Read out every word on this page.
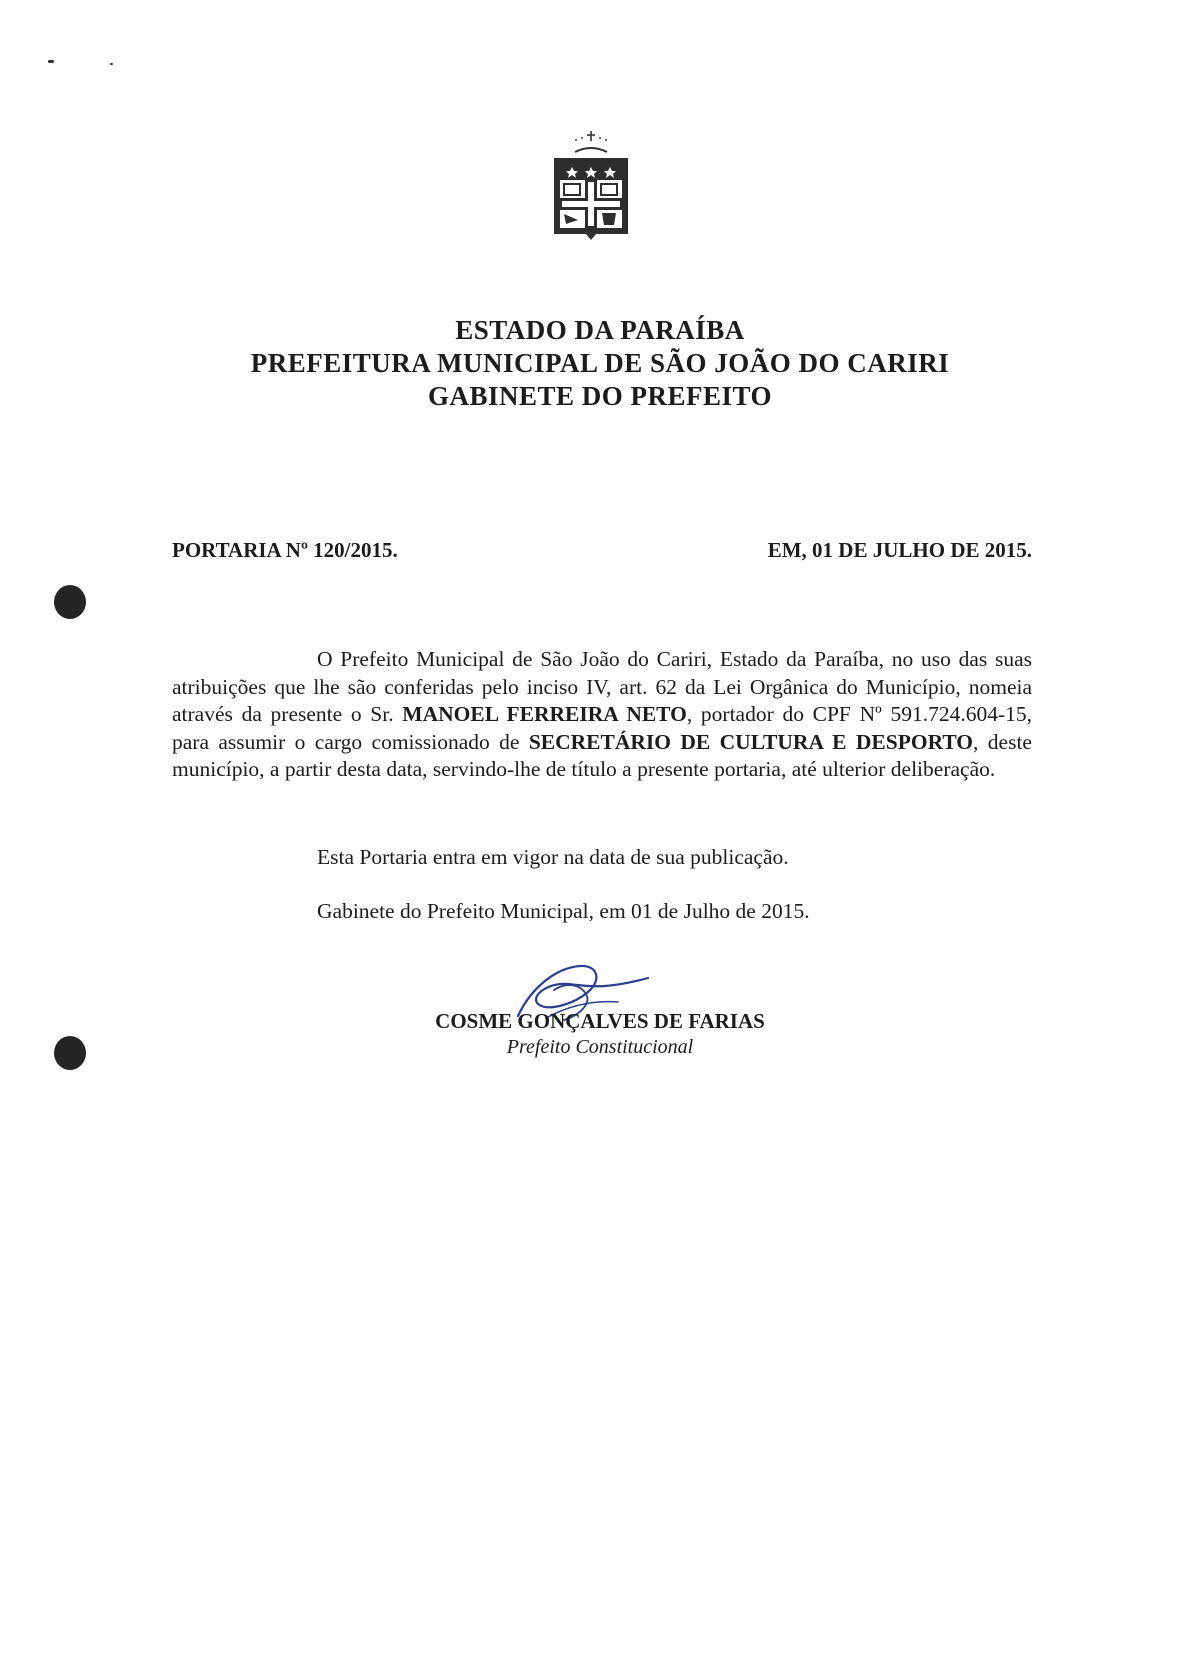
ESTADO DA PARAÍBA
PREFEITURA MUNICIPAL DE SÃO JOÃO DO CARIRI
GABINETE DO PREFEITO
PORTARIA Nº 120/2015.	EM, 01 DE JULHO DE 2015.
O Prefeito Municipal de São João do Cariri, Estado da Paraíba, no uso das suas atribuições que lhe são conferidas pelo inciso IV, art. 62 da Lei Orgânica do Município, nomeia através da presente o Sr. MANOEL FERREIRA NETO, portador do CPF Nº 591.724.604-15, para assumir o cargo comissionado de SECRETÁRIO DE CULTURA E DESPORTO, deste município, a partir desta data, servindo-lhe de título a presente portaria, até ulterior deliberação.
Esta Portaria entra em vigor na data de sua publicação.
Gabinete do Prefeito Municipal, em 01 de Julho de 2015.
COSME GONÇALVES DE FARIAS
Prefeito Constitucional
